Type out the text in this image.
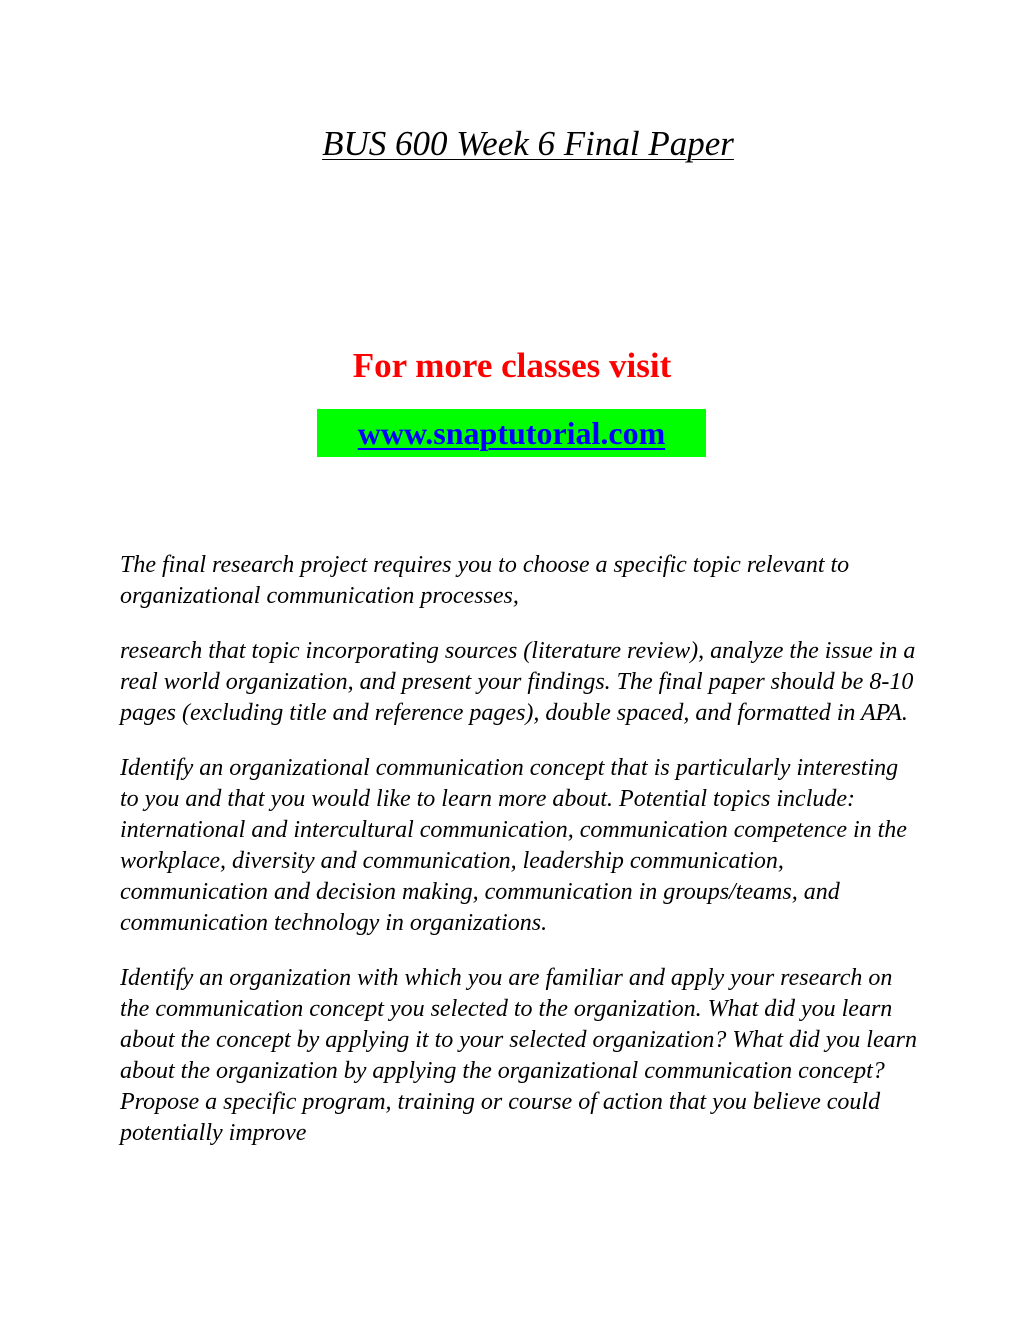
BUS 600 Week 6 Final Paper
For more classes visit
www.snaptutorial.com

The final research project requires you to choose a specific topic relevant to organizational communication processes,

research that topic incorporating sources (literature review), analyze the issue in a real world organization, and present your findings. The final paper should be 8-10 pages (excluding title and reference pages), double spaced, and formatted in APA.

Identify an organizational communication concept that is particularly interesting to you and that you would like to learn more about. Potential topics include: international and intercultural communication, communication competence in the workplace, diversity and communication, leadership communication, communication and decision making, communication in groups/teams, and communication technology in organizations.

Identify an organization with which you are familiar and apply your research on the communication concept you selected to the organization. What did you learn about the concept by applying it to your selected organization? What did you learn about the organization by applying the organizational communication concept? Propose a specific program, training or course of action that you believe could potentially improve
